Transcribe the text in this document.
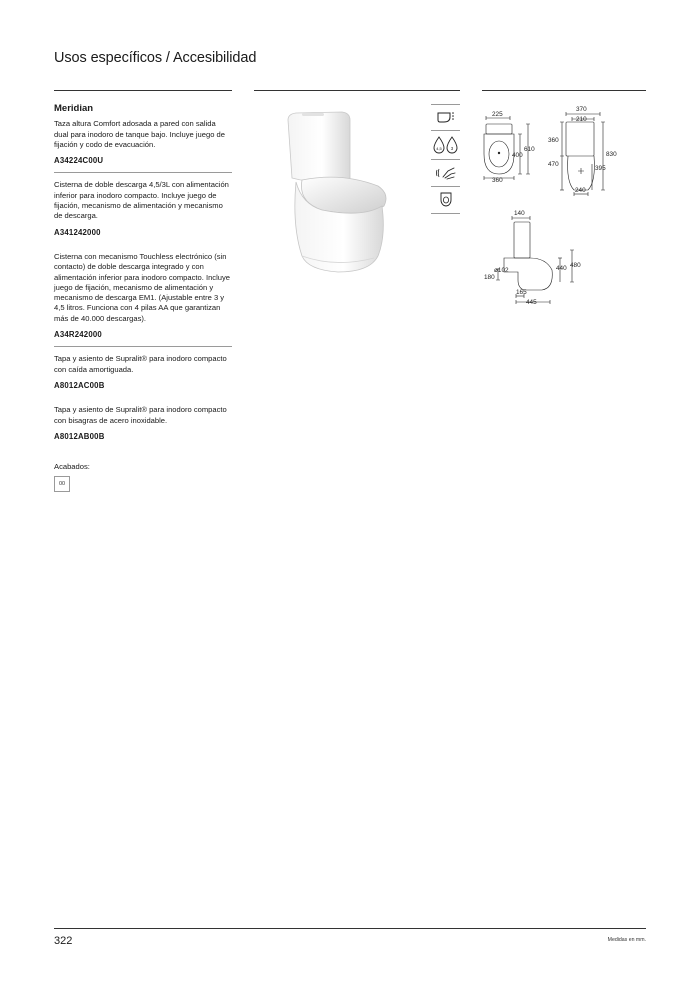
Usos específicos / Accesibilidad
Meridian

Taza altura Comfort adosada a pared con salida dual para inodoro de tanque bajo. Incluye juego de fijación y codo de evacuación.

A34224C00U

Cisterna de doble descarga 4,5/3L con alimentación inferior para inodoro compacto. Incluye juego de fijación, mecanismo de alimentación y mecanismo de descarga.

A341242000

Cisterna con mecanismo Touchless electrónico (sin contacto) de doble descarga integrado y con alimentación inferior para inodoro compacto. Incluye juego de fijación, mecanismo de alimentación y mecanismo de descarga EM1. (Ajustable entre 3 y 4,5 litros. Funciona con 4 pilas AA que garantizan más de 40.000 descargas).

A34R242000

Tapa y asiento de Supralit® para inodoro compacto con caída amortiguada.

A8012AC00B

Tapa y asiento de Supralit® para inodoro compacto con bisagras de acero inoxidable.

A8012AB00B
Acabados:
00
4,5 3
225
400
610
360
370
210
360
470
830
395
240
140
ø102
180
440 480
165
445
322	Medidas en mm.
